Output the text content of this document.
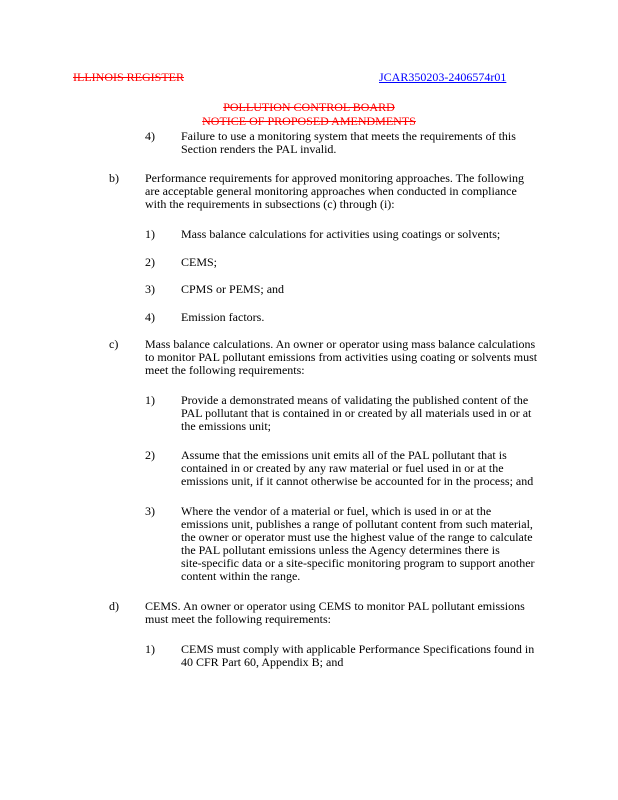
ILLINOIS REGISTER	JCAR350203-2406574r01
POLLUTION CONTROL BOARD
NOTICE OF PROPOSED AMENDMENTS
4) Failure to use a monitoring system that meets the requirements of this
Section renders the PAL invalid.
b) Performance requirements for approved monitoring approaches. The following
are acceptable general monitoring approaches when conducted in compliance
with the requirements in subsections (c) through (i):
1) Mass balance calculations for activities using coatings or solvents;
2) CEMS;
3) CPMS or PEMS; and
4) Emission factors.
c) Mass balance calculations. An owner or operator using mass balance calculations
to monitor PAL pollutant emissions from activities using coating or solvents must
meet the following requirements:
1) Provide a demonstrated means of validating the published content of the
PAL pollutant that is contained in or created by all materials used in or at
the emissions unit;
2) Assume that the emissions unit emits all of the PAL pollutant that is
contained in or created by any raw material or fuel used in or at the
emissions unit, if it cannot otherwise be accounted for in the process; and
3) Where the vendor of a material or fuel, which is used in or at the
emissions unit, publishes a range of pollutant content from such material,
the owner or operator must use the highest value of the range to calculate
the PAL pollutant emissions unless the Agency determines there is
site-specific data or a site-specific monitoring program to support another
content within the range.
d) CEMS. An owner or operator using CEMS to monitor PAL pollutant emissions
must meet the following requirements:
1) CEMS must comply with applicable Performance Specifications found in
40 CFR Part 60, Appendix B; and
